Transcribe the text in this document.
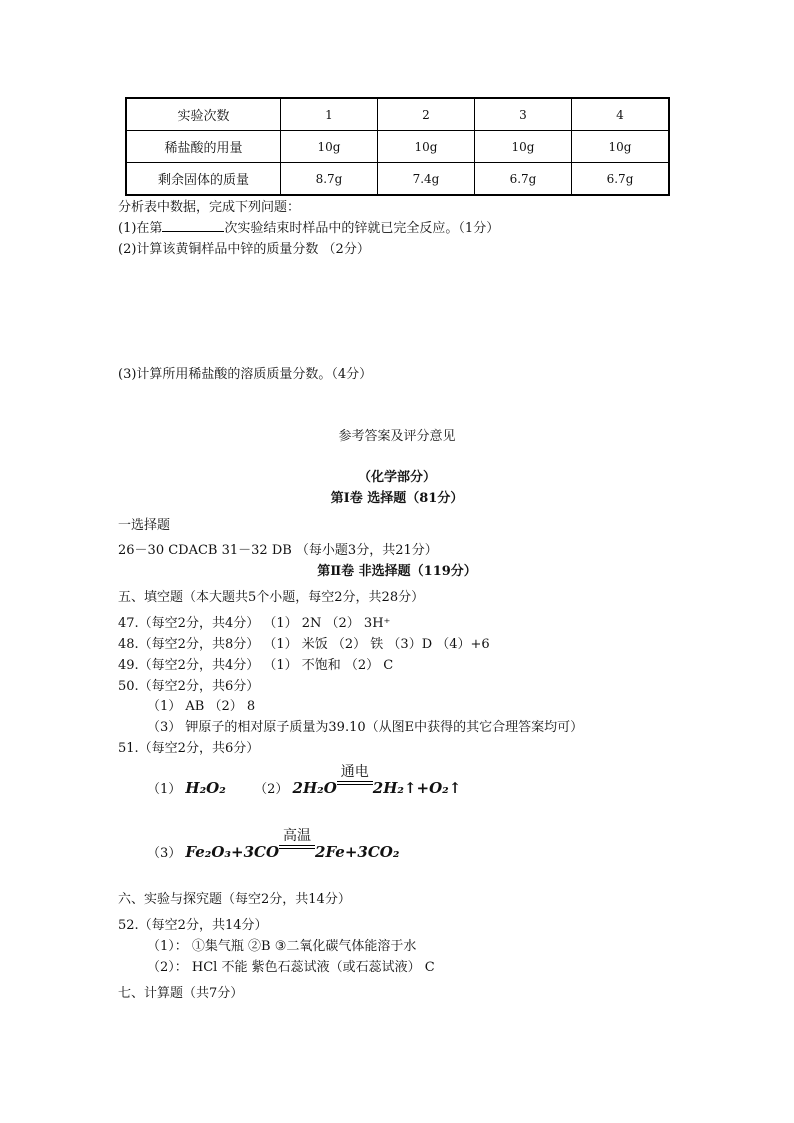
实验次数	1	2	3	4
稀盐酸的用量	10g	10g	10g	10g
剩余固体的质量	8.7g	7.4g	6.7g	6.7g
分析表中数据，完成下列问题：
(1)在第	次实验结束时样品中的锌就已完全反应。（1分）
(2)计算该黄铜样品中锌的质量分数 （2分）
(3)计算所用稀盐酸的溶质质量分数。（4分）
参考答案及评分意见
（化学部分）
第Ⅰ卷 选择题（81分）
一选择题
26－30 CDACB 31－32 DB （每小题3分，共21分）
第Ⅱ卷 非选择题（119分）
五、填空题（本大题共5个小题，每空2分，共28分）
47.（每空2分，共4分） （1） 2N （2） 3H⁺
48.（每空2分，共8分） （1） 米饭 （2） 铁 （3）D （4）+6
49.（每空2分，共4分） （1） 不饱和 （2） C
50.（每空2分，共6分）
（1） AB （2） 8
（3） 钾原子的相对原子质量为39.10（从图E中获得的其它合理答案均可）
51.（每空2分，共6分）
（1） H₂O₂ （2） 2H₂O
通电
2H₂↑+O₂↑
（3） Fe₂O₃+3CO
高温
2Fe+3CO₂
六、实验与探究题（每空2分，共14分）
52.（每空2分，共14分）
（1）： ①集气瓶 ②B ③二氧化碳气体能溶于水
（2）： HCl 不能 紫色石蕊试液（或石蕊试液） C
七、计算题（共7分）
